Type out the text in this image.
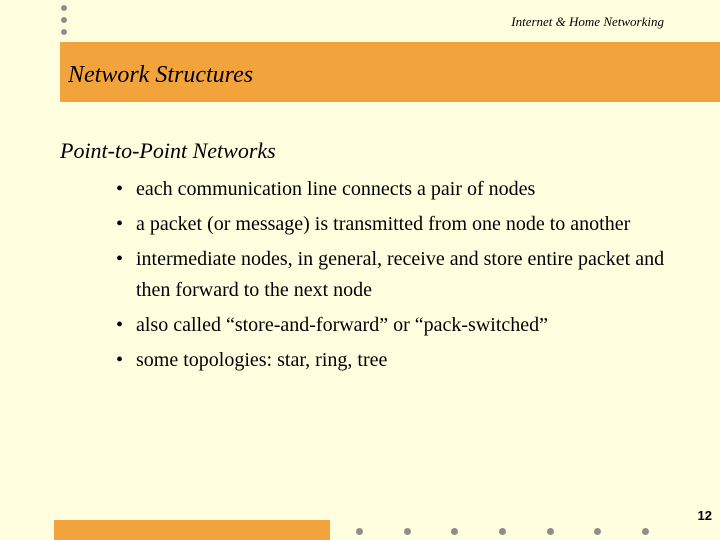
Internet & Home Networking
Network Structures
Point-to-Point Networks
• each communication line connects a pair of nodes
• a packet (or message) is transmitted from one node to another
• intermediate nodes, in general, receive and store entire packet and then forward to the next node
• also called “store-and-forward” or “pack-switched”
• some topologies: star, ring, tree
12
